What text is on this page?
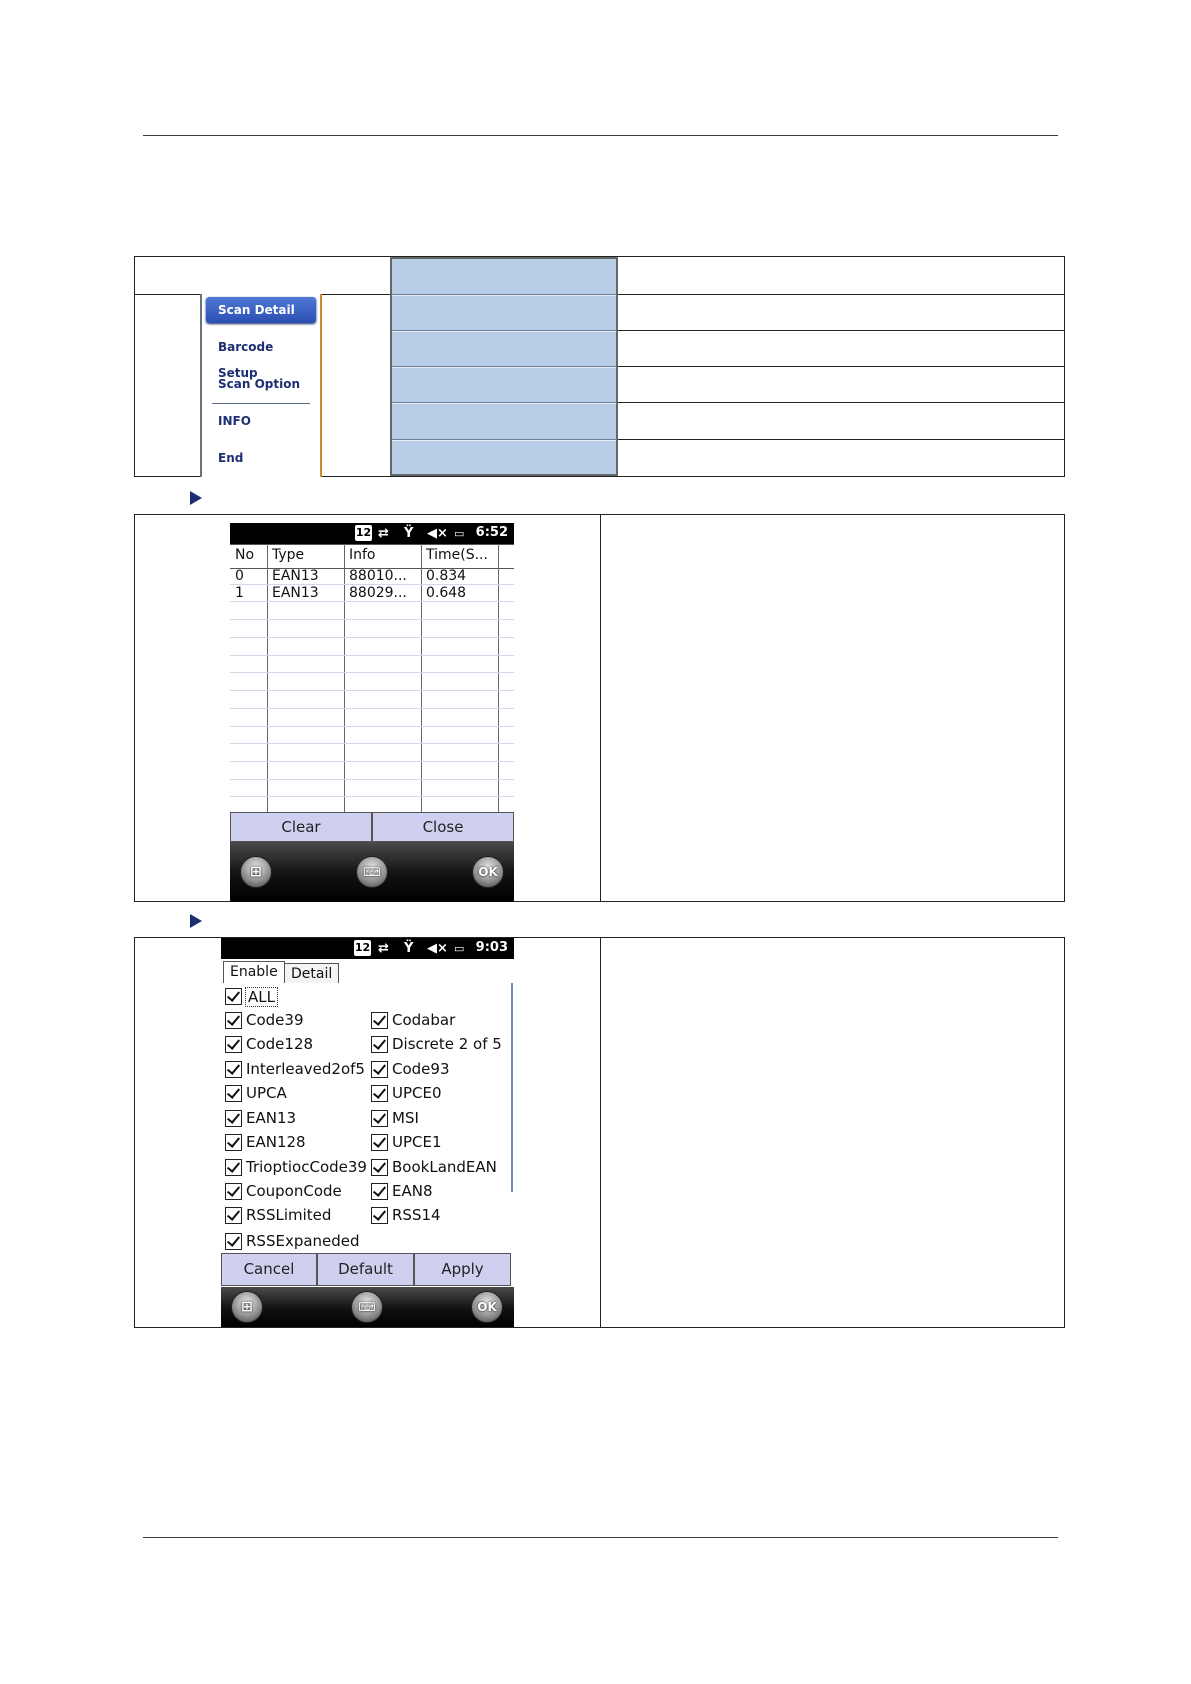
Scan Detail
Barcode Setup
Scan Option
INFO
End
12 ⇄ Ÿ ◀× ▭ 6:52
No Type	Info	Time(S...
0 EAN13 88010... 0.834
1 EAN13 88029... 0.648
Clear	Close
⊞	⌨	OK
12 ⇄ Ÿ ◀× ▭ 9:03
Enable Detail
ALL
Code39
Code128
Interleaved2of5
UPCA
EAN13
EAN128
TrioptiocCode39
CouponCode
RSSLimited
RSSExpaneded
Codabar
Discrete 2 of 5
Code93
UPCE0
MSI
UPCE1
BookLandEAN
EAN8
RSS14
Cancel	Default	Apply
⊞	⌨	OK
